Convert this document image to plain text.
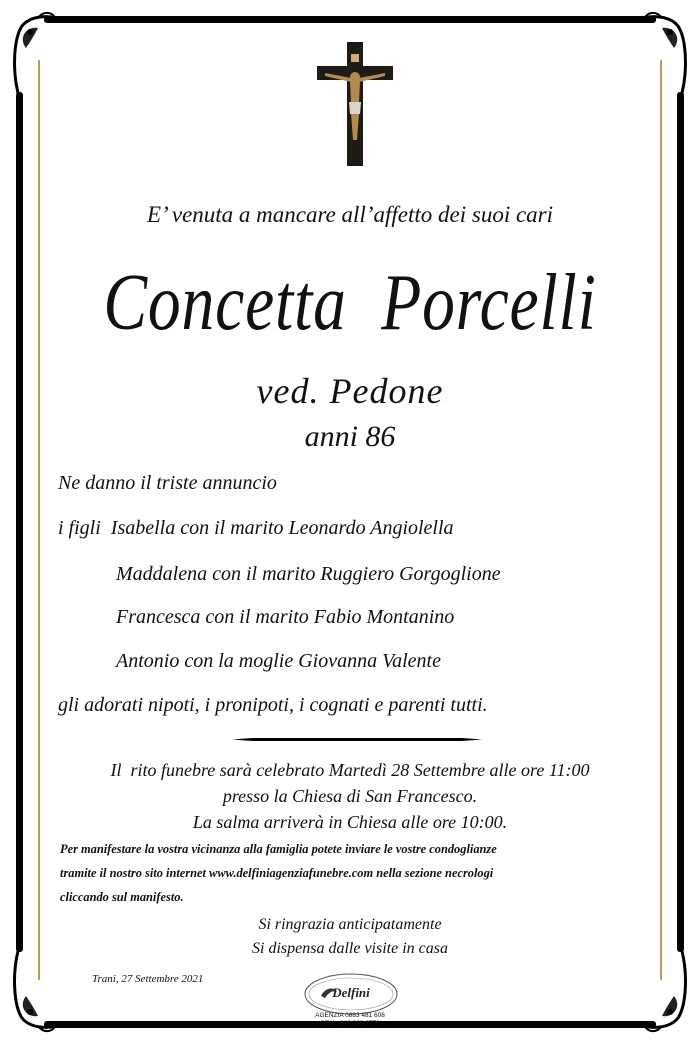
E’ venuta a mancare all’affetto dei suoi cari
Concetta  Porcelli
ved. Pedone
anni 86
Ne danno il triste annuncio
i figli  Isabella con il marito Leonardo Angiolella
Maddalena con il marito Ruggiero Gorgoglione
Francesca con il marito Fabio Montanino
Antonio con la moglie Giovanna Valente
gli adorati nipoti, i pronipoti, i cognati e parenti tutti.
Il  rito funebre sarà celebrato Martedì 28 Settembre alle ore 11:00
presso la Chiesa di San Francesco.
La salma arriverà in Chiesa alle ore 10:00.
Per manifestare la vostra vicinanza alla famiglia potete inviare le vostre condoglianze
tramite il nostro sito internet www.delfiniagenziafunebre.com nella sezione necrologi
cliccando sul manifesto.
Si ringrazia anticipatamente
Si dispensa dalle visite in casa
Trani, 27 Settembre 2021
Delfini
AGENZIA 0883 481 608
CELL. 340 282 6772
